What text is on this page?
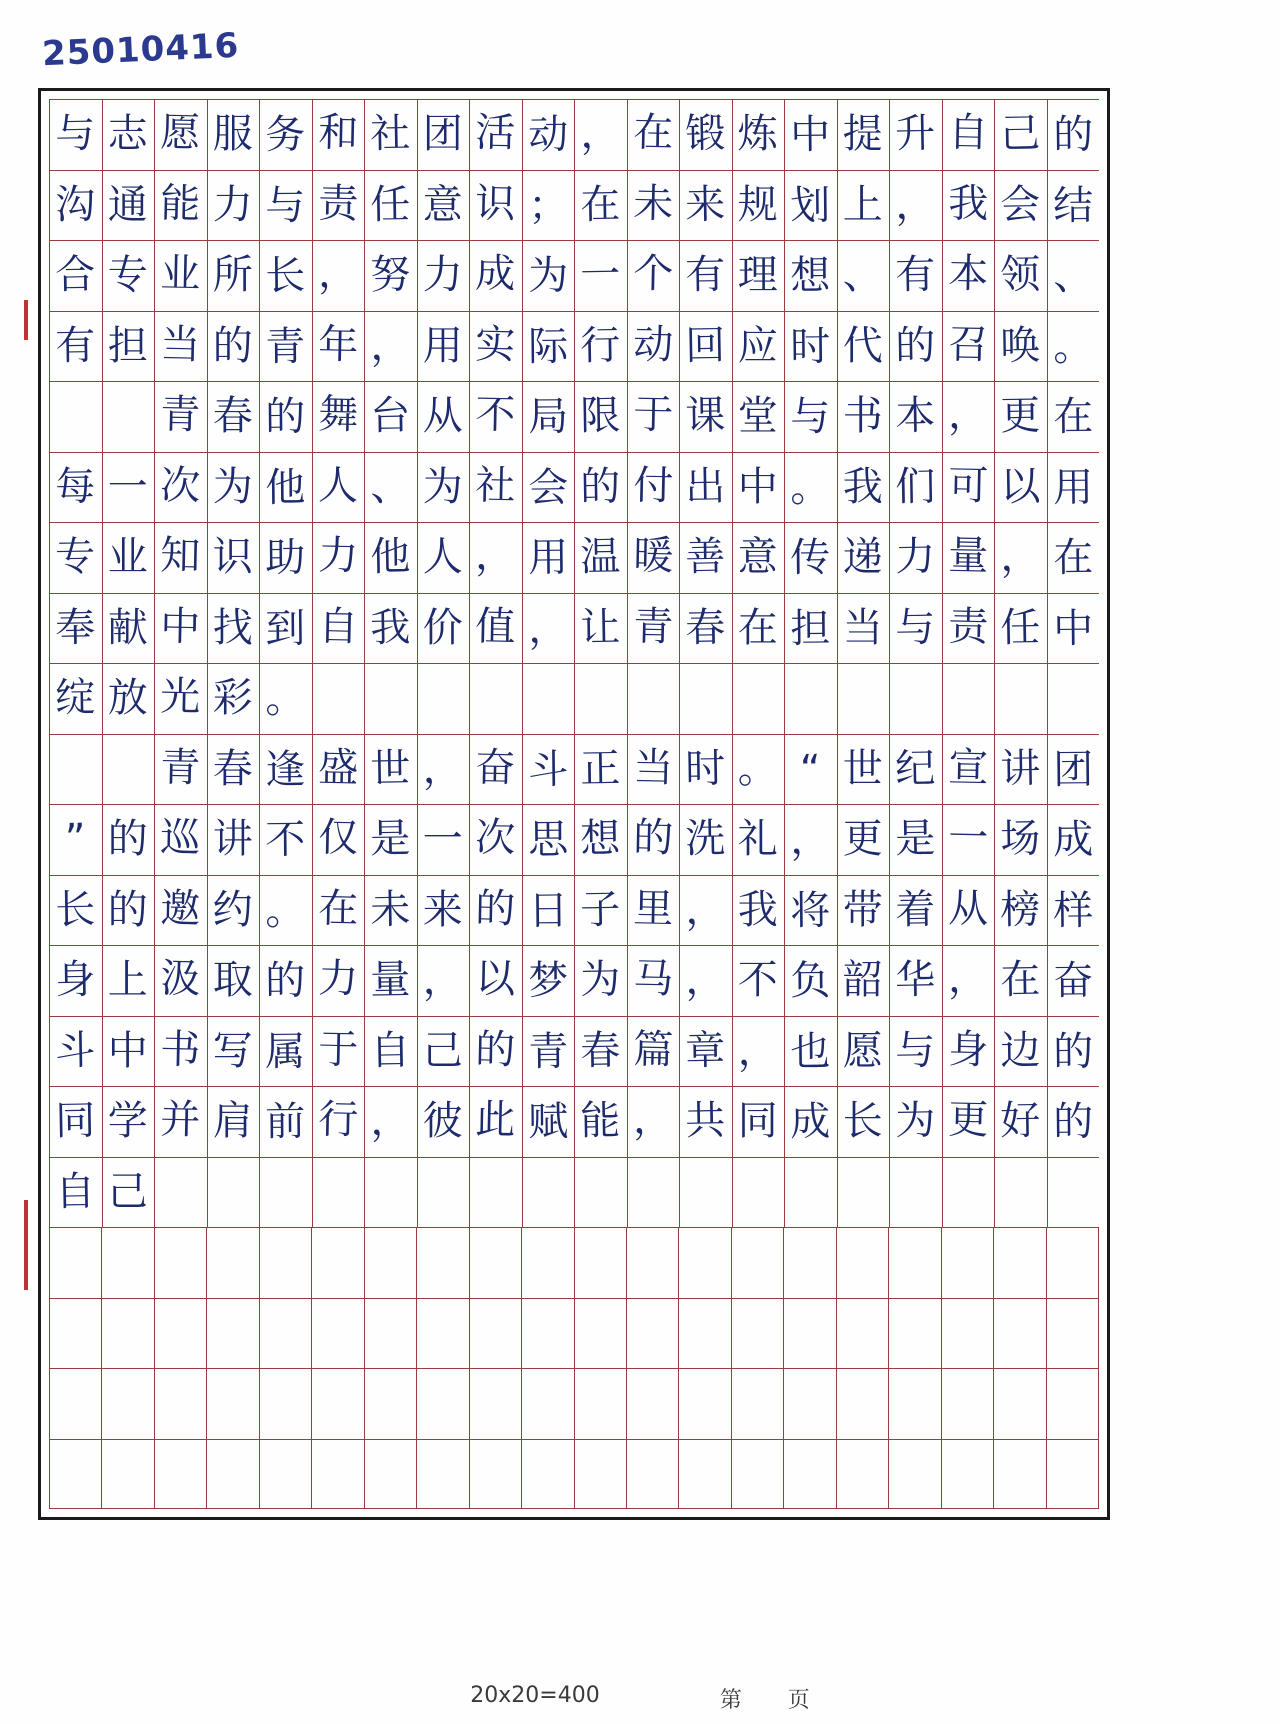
25010416
与 志 愿 服 务 和 社 团 活 动 ， 在 锻 炼 中 提 升 自 己 的
沟 通 能 力 与 责 任 意 识 ； 在 未 来 规 划 上 ， 我 会 结
合 专 业 所 长 ， 努 力 成 为 一 个 有 理 想 、 有 本 领 、
有 担 当 的 青 年 ， 用 实 际 行 动 回 应 时 代 的 召 唤 。
青 春 的 舞 台 从 不 局 限 于 课 堂 与 书 本 ， 更 在
每 一 次 为 他 人 、 为 社 会 的 付 出 中 。 我 们 可 以 用
专 业 知 识 助 力 他 人 ， 用 温 暖 善 意 传 递 力 量 ， 在
奉 献 中 找 到 自 我 价 值 ， 让 青 春 在 担 当 与 责 任 中
绽 放 光 彩 。
青 春 逢 盛 世 ， 奋 斗 正 当 时 。 “ 世 纪 宣 讲 团
” 的 巡 讲 不 仅 是 一 次 思 想 的 洗 礼 ， 更 是 一 场 成
长 的 邀 约 。 在 未 来 的 日 子 里 ， 我 将 带 着 从 榜 样
身 上 汲 取 的 力 量 ， 以 梦 为 马 ， 不 负 韶 华 ， 在 奋
斗 中 书 写 属 于 自 己 的 青 春 篇 章 ， 也 愿 与 身 边 的
同 学 并 肩 前 行 ， 彼 此 赋 能 ， 共 同 成 长 为 更 好 的
自 己
20x20=400	第 页
